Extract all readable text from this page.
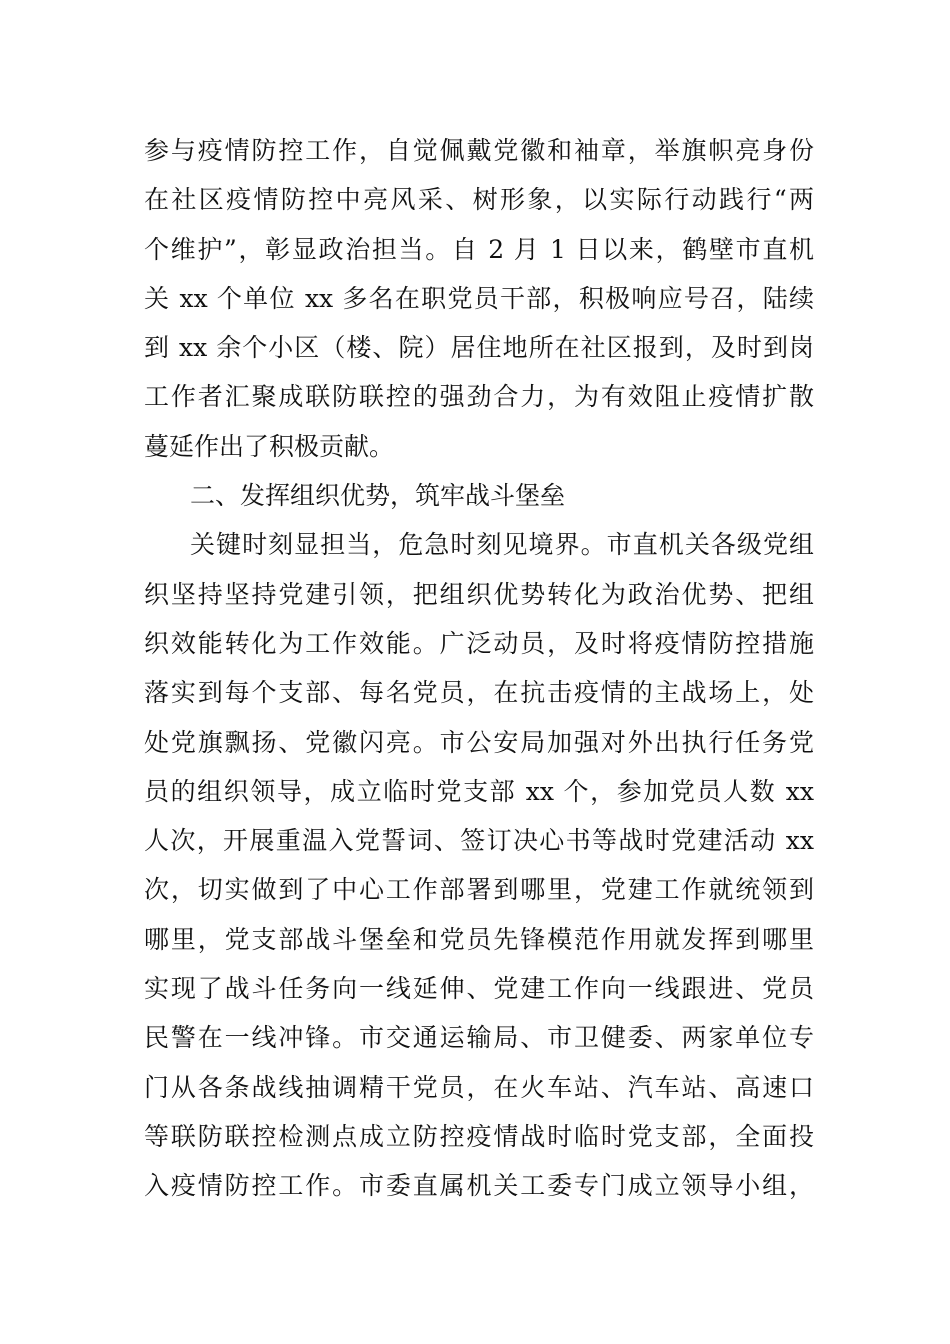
参与疫情防控工作，自觉佩戴党徽和袖章，举旗帜亮身份
在社区疫情防控中亮风采、树形象，以实际行动践行“两
个维护”，彰显政治担当。自 2 月 1 日以来，鹤壁市直机
关 xx 个单位 xx 多名在职党员干部，积极响应号召，陆续
到 xx 余个小区（楼、院）居住地所在社区报到，及时到岗
工作者汇聚成联防联控的强劲合力，为有效阻止疫情扩散
蔓延作出了积极贡献。
二、发挥组织优势，筑牢战斗堡垒
关键时刻显担当，危急时刻见境界。市直机关各级党组
织坚持坚持党建引领，把组织优势转化为政治优势、把组
织效能转化为工作效能。广泛动员，及时将疫情防控措施
落实到每个支部、每名党员，在抗击疫情的主战场上，处
处党旗飘扬、党徽闪亮。市公安局加强对外出执行任务党
员的组织领导，成立临时党支部 xx 个，参加党员人数 xx
人次，开展重温入党誓词、签订决心书等战时党建活动 xx
次，切实做到了中心工作部署到哪里，党建工作就统领到
哪里，党支部战斗堡垒和党员先锋模范作用就发挥到哪里
实现了战斗任务向一线延伸、党建工作向一线跟进、党员
民警在一线冲锋。市交通运输局、市卫健委、两家单位专
门从各条战线抽调精干党员，在火车站、汽车站、高速口
等联防联控检测点成立防控疫情战时临时党支部，全面投
入疫情防控工作。市委直属机关工委专门成立领导小组，
